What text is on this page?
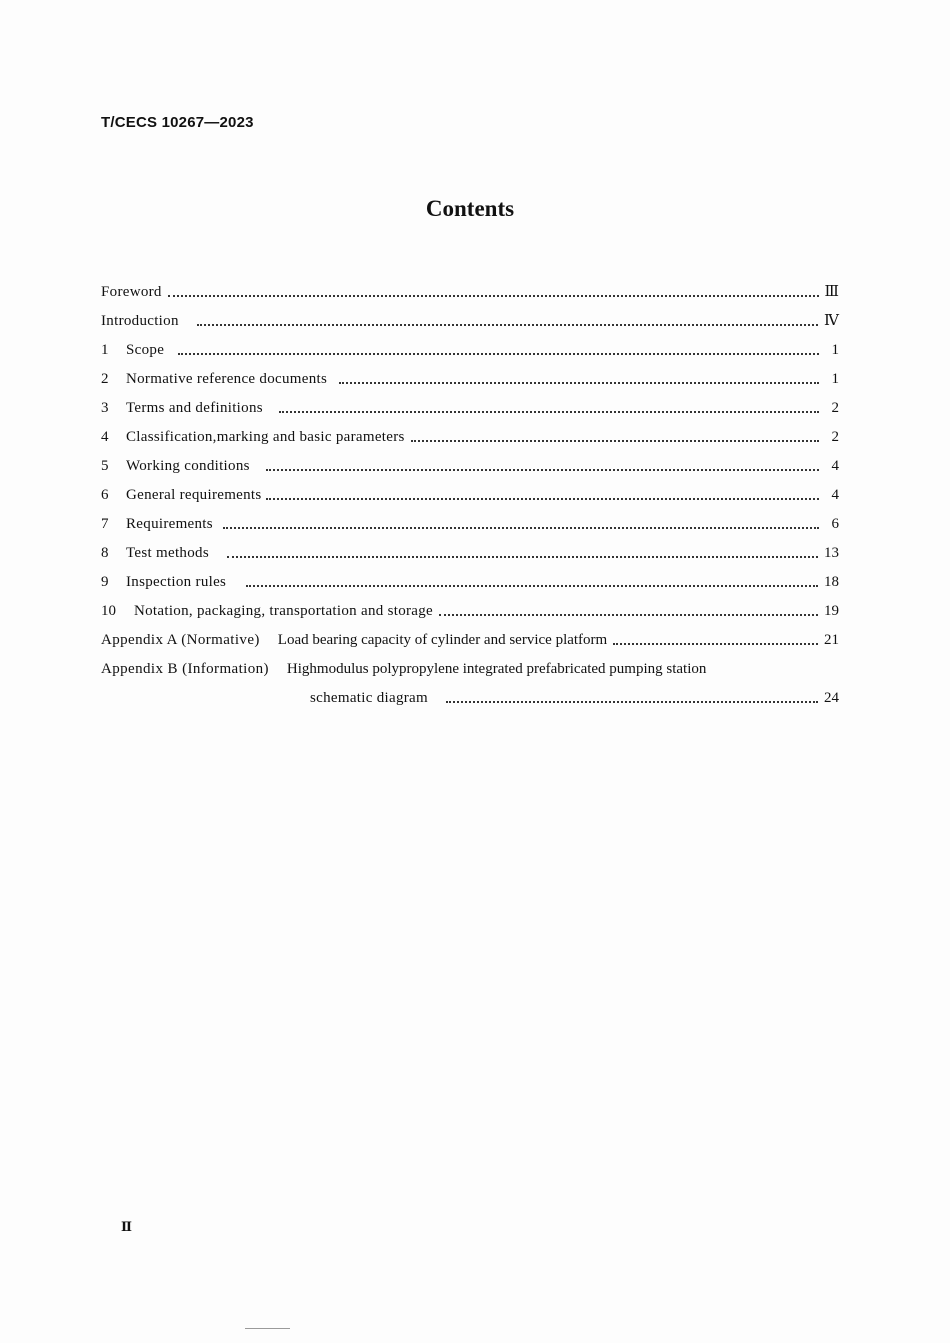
T/CECS 10267—2023
Contents
Foreword	Ⅲ
Introduction	Ⅳ
1	Scope	1
2	Normative reference documents	1
3	Terms and definitions	2
4	Classification,marking and basic parameters	2
5	Working conditions	4
6	General requirements	4
7	Requirements	6
8	Test methods	13
9	Inspection rules	18
10	Notation, packaging, transportation and storage	19
Appendix A (Normative) Load bearing capacity of cylinder and service platform	21
Appendix B (Information) Highmodulus polypropylene integrated prefabricated pumping station
schematic diagram	24
Ⅱ
